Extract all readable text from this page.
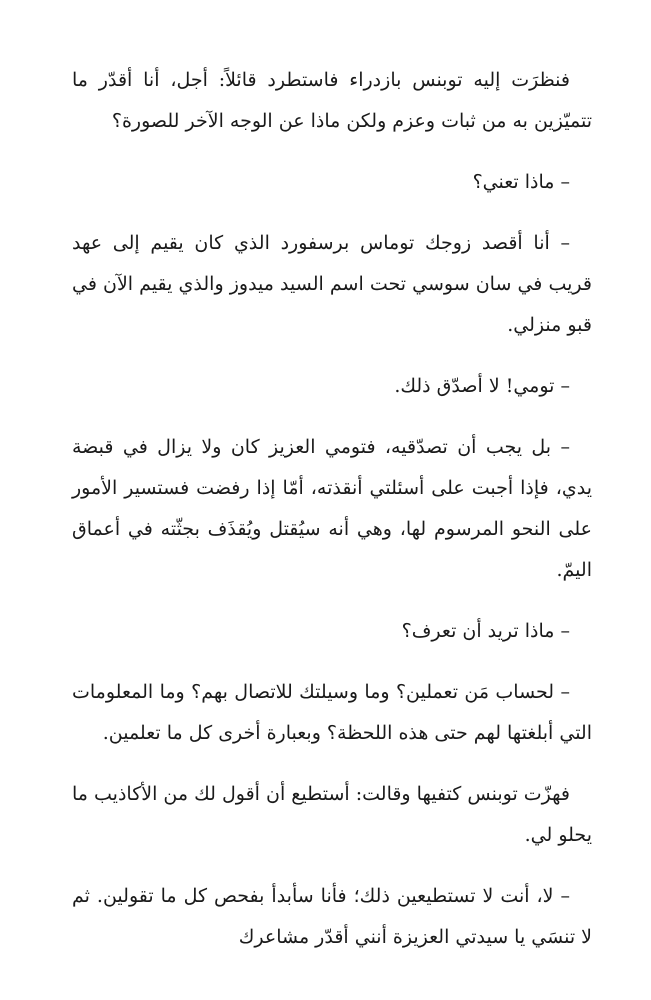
فنظرَت إليه توبنس بازدراء فاستطرد قائلاً: أجل، أنا أقدّر ما تتميّزين به من ثبات وعزم ولكن ماذا عن الوجه الآخر للصورة؟

– ماذا تعني؟

– أنا أقصد زوجك توماس برسفورد الذي كان يقيم إلى عهد قريب في سان سوسي تحت اسم السيد ميدوز والذي يقيم الآن في قبو منزلي.

– تومي! لا أصدّق ذلك.

– بل يجب أن تصدّقيه، فتومي العزيز كان ولا يزال في قبضة يدي، فإذا أجبت على أسئلتي أنقذته، أمّا إذا رفضت فستسير الأمور على النحو المرسوم لها، وهي أنه سيُقتل ويُقذَف بجثّته في أعماق اليمّ.

– ماذا تريد أن تعرف؟

– لحساب مَن تعملين؟ وما وسيلتك للاتصال بهم؟ وما المعلومات التي أبلغتها لهم حتى هذه اللحظة؟ وبعبارة أخرى كل ما تعلمين.

فهزّت توبنس كتفيها وقالت: أستطيع أن أقول لك من الأكاذيب ما يحلو لي.

– لا، أنت لا تستطيعين ذلك؛ فأنا سأبدأ بفحص كل ما تقولين. ثم لا تنسَي يا سيدتي العزيزة أنني أقدّر مشاعرك
